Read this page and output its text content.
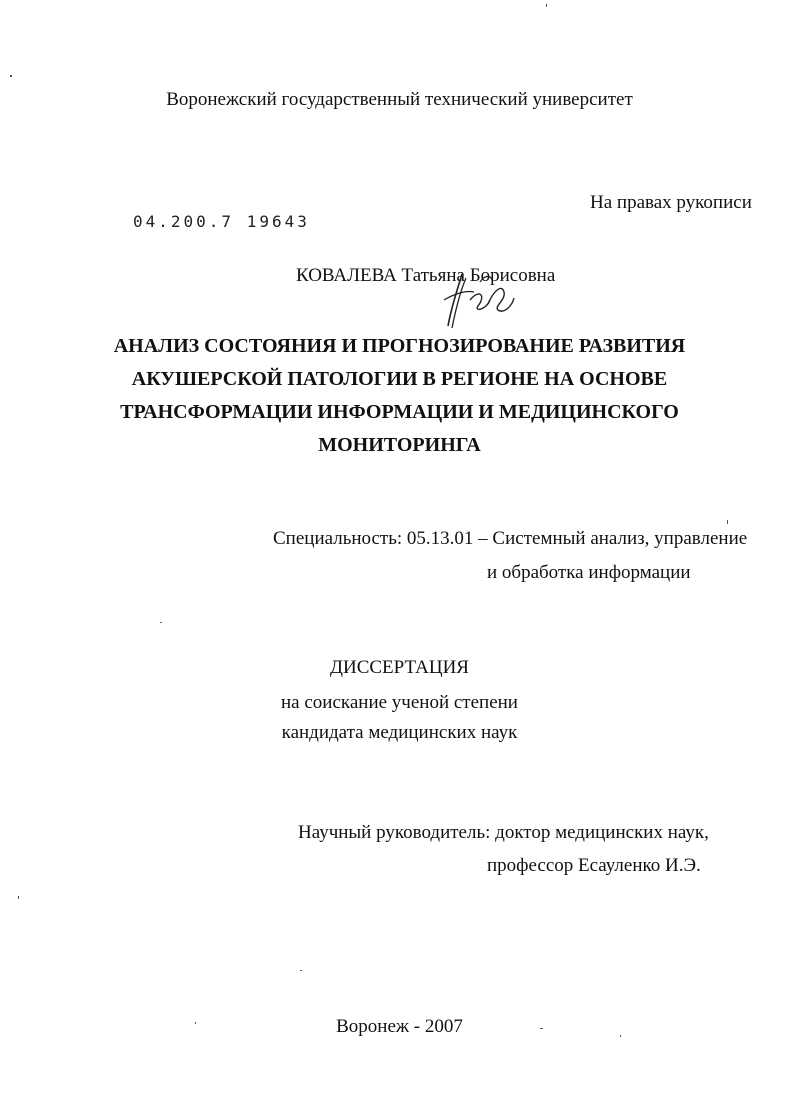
Воронежский государственный технический университет
На правах рукописи
04.200.7 19643
КОВАЛЕВА Татьяна Борисовна
АНАЛИЗ СОСТОЯНИЯ И ПРОГНОЗИРОВАНИЕ РАЗВИТИЯ
АКУШЕРСКОЙ ПАТОЛОГИИ В РЕГИОНЕ НА ОСНОВЕ
ТРАНСФОРМАЦИИ ИНФОРМАЦИИ И МЕДИЦИНСКОГО
МОНИТОРИНГА
Специальность: 05.13.01 – Системный анализ, управление
и обработка информации
ДИССЕРТАЦИЯ
на соискание ученой степени
кандидата медицинских наук
Научный руководитель: доктор медицинских наук,
профессор Есауленко И.Э.
Воронеж - 2007
